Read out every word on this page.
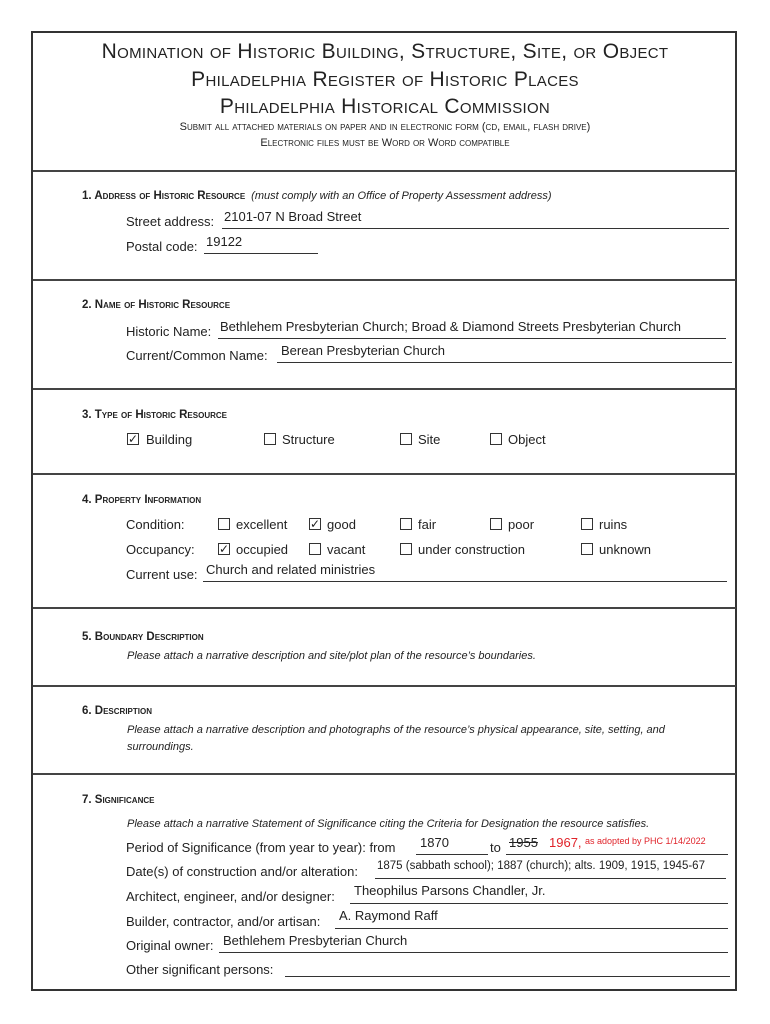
Nomination of Historic Building, Structure, Site, or Object
Philadelphia Register of Historic Places
Philadelphia Historical Commission
Submit all attached materials on paper and in electronic form (cd, email, flash drive)
Electronic files must be Word or Word compatible
1. Address of Historic Resource (must comply with an Office of Property Assessment address)
Street address: 2101-07 N Broad Street
Postal code: 19122
2. Name of Historic Resource
Historic Name: Bethlehem Presbyterian Church; Broad & Diamond Streets Presbyterian Church
Current/Common Name: Berean Presbyterian Church
3. Type of Historic Resource
✓ Building	Structure	Site	Object
4. Property Information
Condition:	excellent ✓ good	fair	poor	ruins
Occupancy: ✓ occupied	vacant	under construction	unknown
Current use: Church and related ministries
5. Boundary Description
Please attach a narrative description and site/plot plan of the resource’s boundaries.
6. Description
Please attach a narrative description and photographs of the resource’s physical appearance, site, setting, and surroundings.
7. Significance
Please attach a narrative Statement of Significance citing the Criteria for Designation the resource satisfies.
Period of Significance (from year to year): from 1870	to 1955 1967, as adopted by PHC 1/14/2022
Date(s) of construction and/or alteration: 1875 (sabbath school); 1887 (church); alts. 1909, 1915, 1945-67
Architect, engineer, and/or designer: Theophilus Parsons Chandler, Jr.
Builder, contractor, and/or artisan: A. Raymond Raff
Original owner: Bethlehem Presbyterian Church
Other significant persons:
